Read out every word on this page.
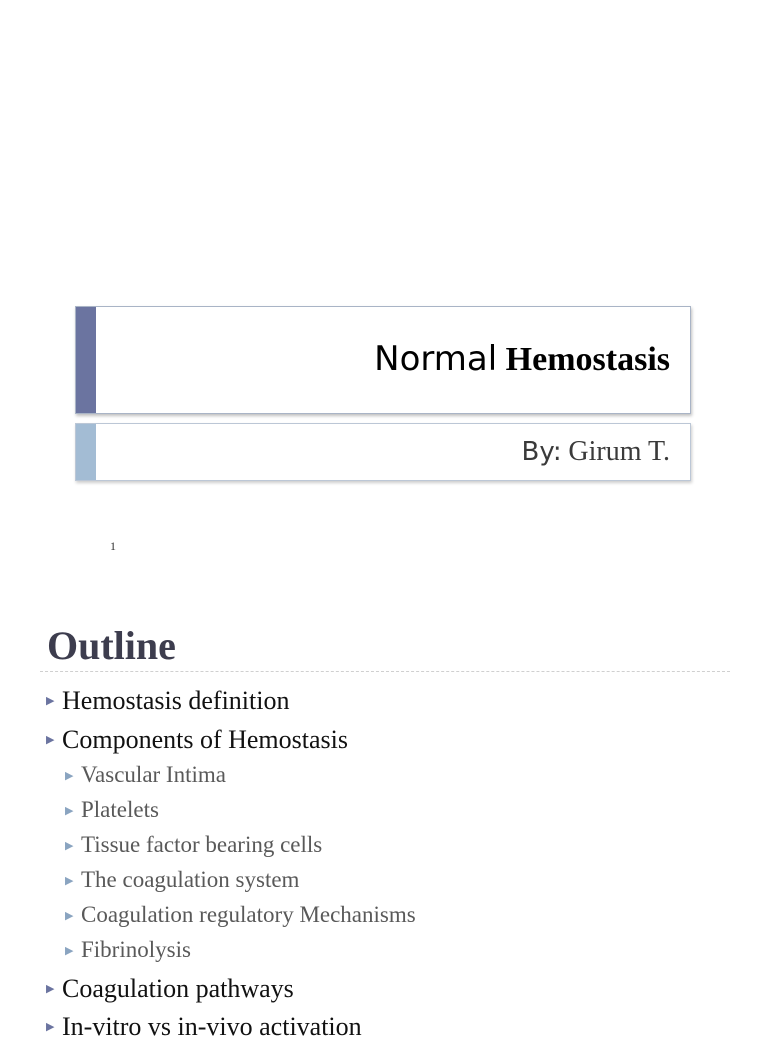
Normal Hemostasis
By: Girum T.
1
Outline
▶ Hemostasis definition
▶ Components of Hemostasis
▶ Vascular Intima
▶ Platelets
▶ Tissue factor bearing cells
▶ The coagulation system
▶ Coagulation regulatory Mechanisms
▶ Fibrinolysis
▶ Coagulation pathways
▶ In-vitro vs in-vivo activation
